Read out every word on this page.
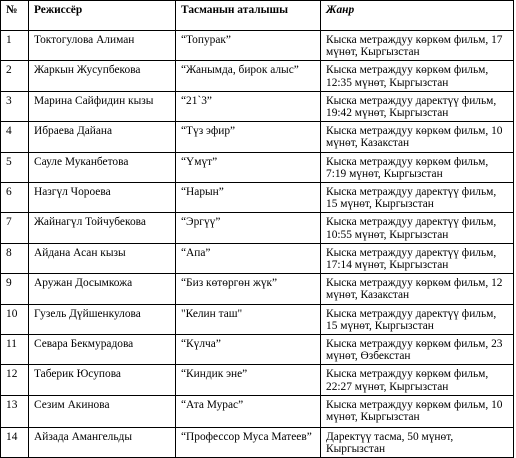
№	Режиссёр	Тасманын аталышы	Жанр
1	Токтогулова Алиман	“Топурак”	Кыска метраждуу көркөм фильм, 17 мүнөт, Кыргызстан
2	Жаркын Жусупбекова	“Жанымда, бирок алыс”	Кыска метраждуу көркөм фильм, 12:35 мүнөт, Кыргызстан
3	Марина Сайфидин кызы	“21`3”	Кыска метраждуу даректүү фильм, 19:42 мүнөт, Кыргызстан
4	Ибраева Дайана	“Түз эфир”	Кыска метраждуу көркөм фильм, 10 мүнөт, Казакстан
5	Сауле Муканбетова	“Үмүт”	Кыска метраждуу көркөм фильм, 7:19 мүнөт, Кыргызстан
6	Назгүл Чороева	“Нарын”	Кыска метраждуу даректүү фильм, 15 мүнөт, Кыргызстан
7	Жайнагүл Тойчубекова	“Эргүү”	Кыска метраждуу даректүү фильм, 10:55 мүнөт, Кыргызстан
8	Айдана Асан кызы	“Апа”	Кыска метраждуу даректүү фильм, 17:14 мүнөт, Кыргызстан
9	Аружан Досымкожа	“Биз көтөргөн жүк”	Кыска метраждуу көркөм фильм, 12 мүнөт, Казакстан
10	Гузель Дүйшенкулова	"Келин таш"	Кыска метраждуу даректүү фильм, 15 мүнөт, Кыргызстан
11	Севара Бекмурадова	“Күлча”	Кыска метраждуу көркөм фильм, 23 мүнөт, Өзбекстан
12	Таберик Юсупова	“Киндик эне”	Кыска метраждуу көркөм фильм, 22:27 мүнөт, Кыргызстан
13	Сезим Акинова	“Ата Мурас”	Кыска метраждуу көркөм фильм, 10 мүнөт, Кыргызстан
14	Айзада Амангельды	“Профессор Муса Матеев”	Даректүү тасма, 50 мүнөт, Кыргызстан
